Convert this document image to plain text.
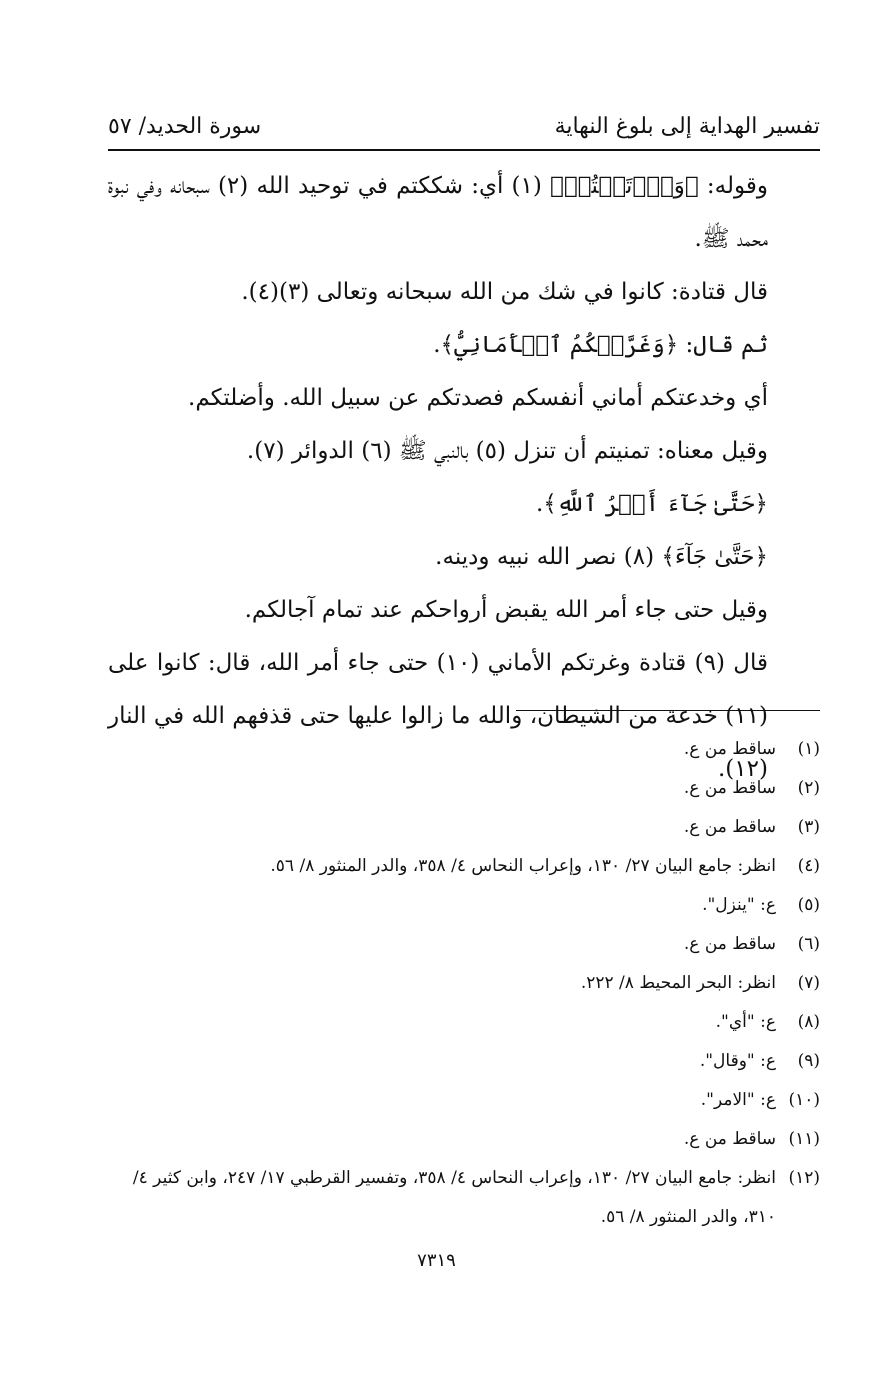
تفسير الهداية إلى بلوغ النهاية
سورة الحديد/ ٥٧

وقوله: ﴿وَٱرۡتَبۡتُمۡ﴾ (١) أي: شككتم في توحيد الله (٢) سبحانه وفي نبوة محمد ﷺ.

قال قتادة: كانوا في شك من الله سبحانه وتعالى (٣)(٤).

ثم قال: ﴿وَغَرَّتۡكُمُ ٱلۡأَمَانِيُّ﴾.

أي وخدعتكم أماني أنفسكم فصدتكم عن سبيل الله. وأضلتكم.

وقيل معناه: تمنيتم أن تنزل (٥) بالنبي ﷺ (٦) الدوائر (٧).

﴿حَتَّىٰ جَآءَ أَمۡرُ ٱللَّهِ﴾.

﴿حَتَّىٰ جَآءَ﴾ (٨) نصر الله نبيه ودينه.

وقيل حتى جاء أمر الله يقبض أرواحكم عند تمام آجالكم.

قال (٩) قتادة وغرتكم الأماني (١٠) حتى جاء أمر الله، قال: كانوا على (١١) خدعة من الشيطان، والله ما زالوا عليها حتى قذفهم الله في النار (١٢).

(١)
ساقط من ع.
(٢)
ساقط من ع.
(٣)
ساقط من ع.
(٤)
انظر: جامع البيان ٢٧/ ١٣٠، وإعراب النحاس ٤/ ٣٥٨، والدر المنثور ٨/ ٥٦.
(٥)
ع: "ينزل".
(٦)
ساقط من ع.
(٧)
انظر: البحر المحيط ٨/ ٢٢٢.
(٨)
ع: "أي".
(٩)
ع: "وقال".
(١٠)
ع: "الامر".
(١١)
ساقط من ع.
(١٢)
انظر: جامع البيان ٢٧/ ١٣٠، وإعراب النحاس ٤/ ٣٥٨، وتفسير القرطبي ١٧/ ٢٤٧، وابن كثير ٤/ ٣١٠، والدر المنثور ٨/ ٥٦.
٧٣١٩
